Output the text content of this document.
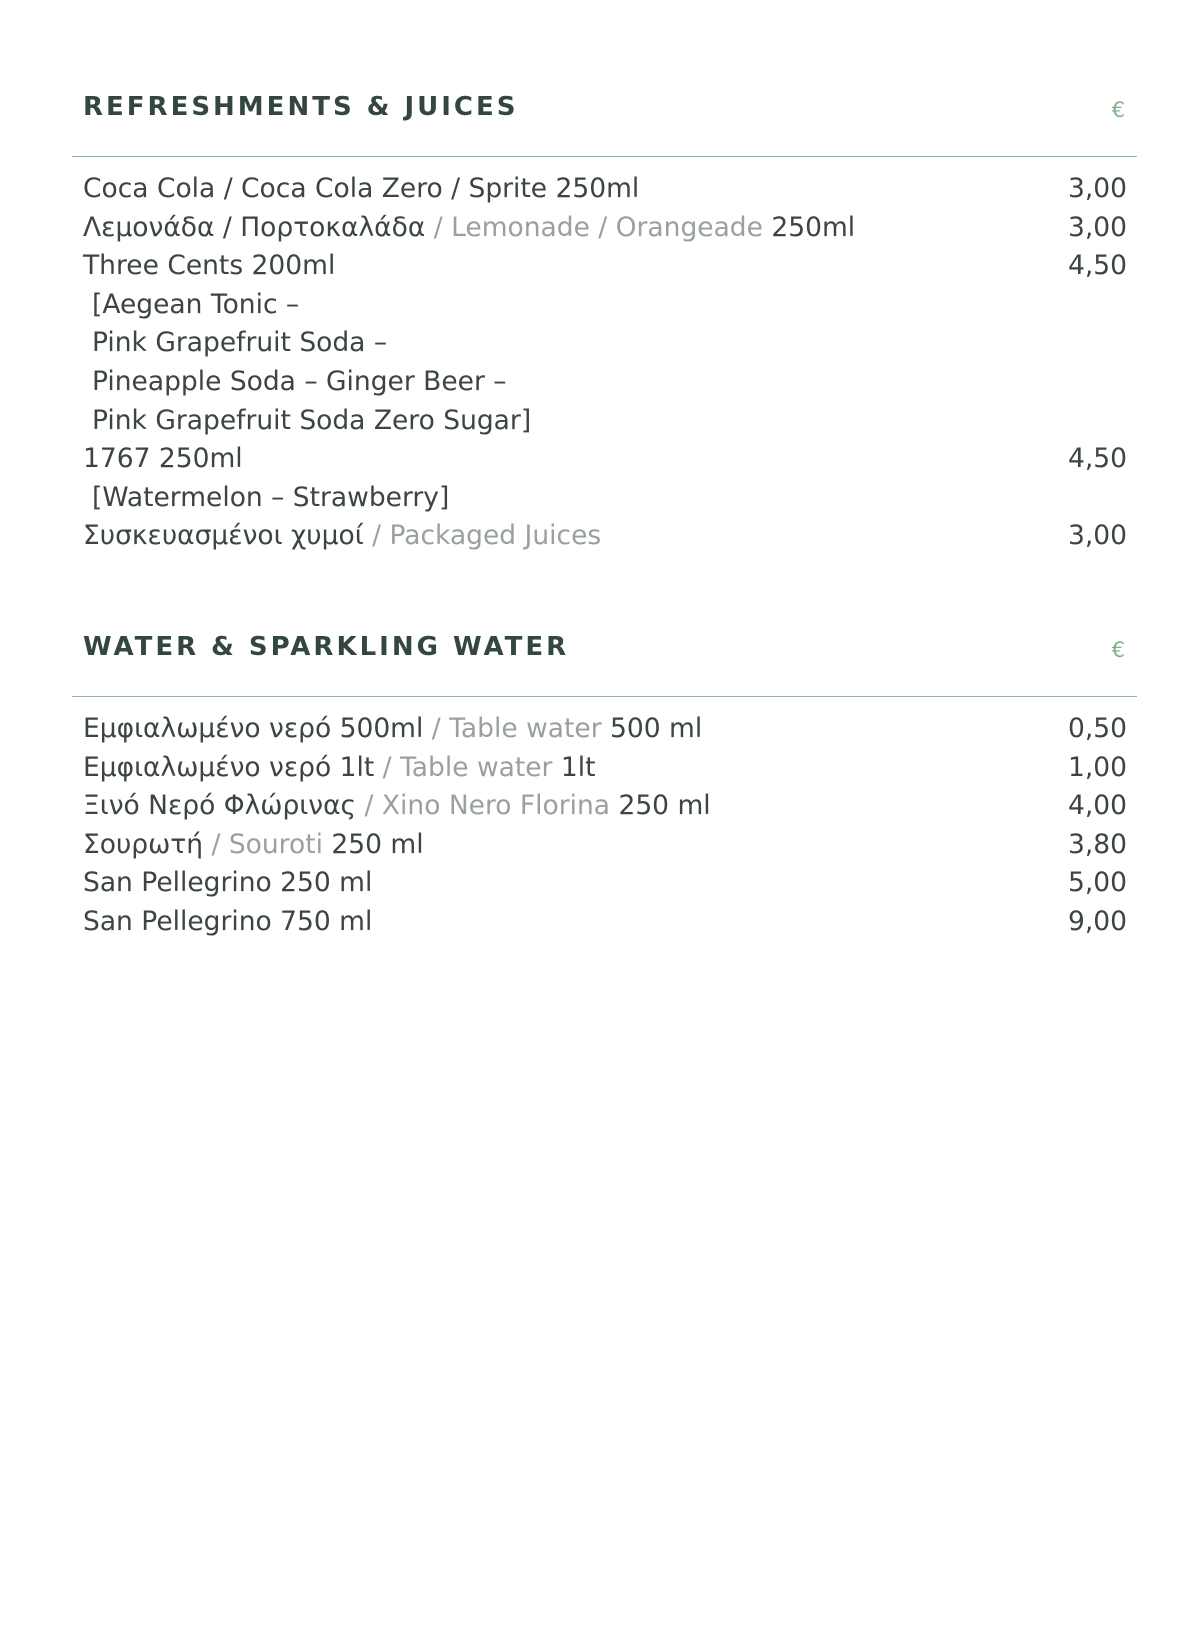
REFRESHMENTS & JUICES	€
Coca Cola / Coca Cola Zero / Sprite 250ml	3,00
Λεμονάδα / Πορτοκαλάδα / Lemonade / Orangeade 250ml	3,00
Three Cents 200ml	4,50
[Aegean Tonic –
Pink Grapefruit Soda –
Pineapple Soda – Ginger Beer –
Pink Grapefruit Soda Zero Sugar]
1767 250ml	4,50
[Watermelon – Strawberry]
Συσκευασμένοι χυμοί / Packaged Juices	3,00
WATER & SPARKLING WATER	€
Εμφιαλωμένο νερό 500ml / Table water 500 ml	0,50
Εμφιαλωμένο νερό 1lt / Table water 1lt	1,00
Ξινό Νερό Φλώρινας / Xino Nero Florina 250 ml	4,00
Σουρωτή / Souroti 250 ml	3,80
San Pellegrino 250 ml	5,00
San Pellegrino 750 ml	9,00
